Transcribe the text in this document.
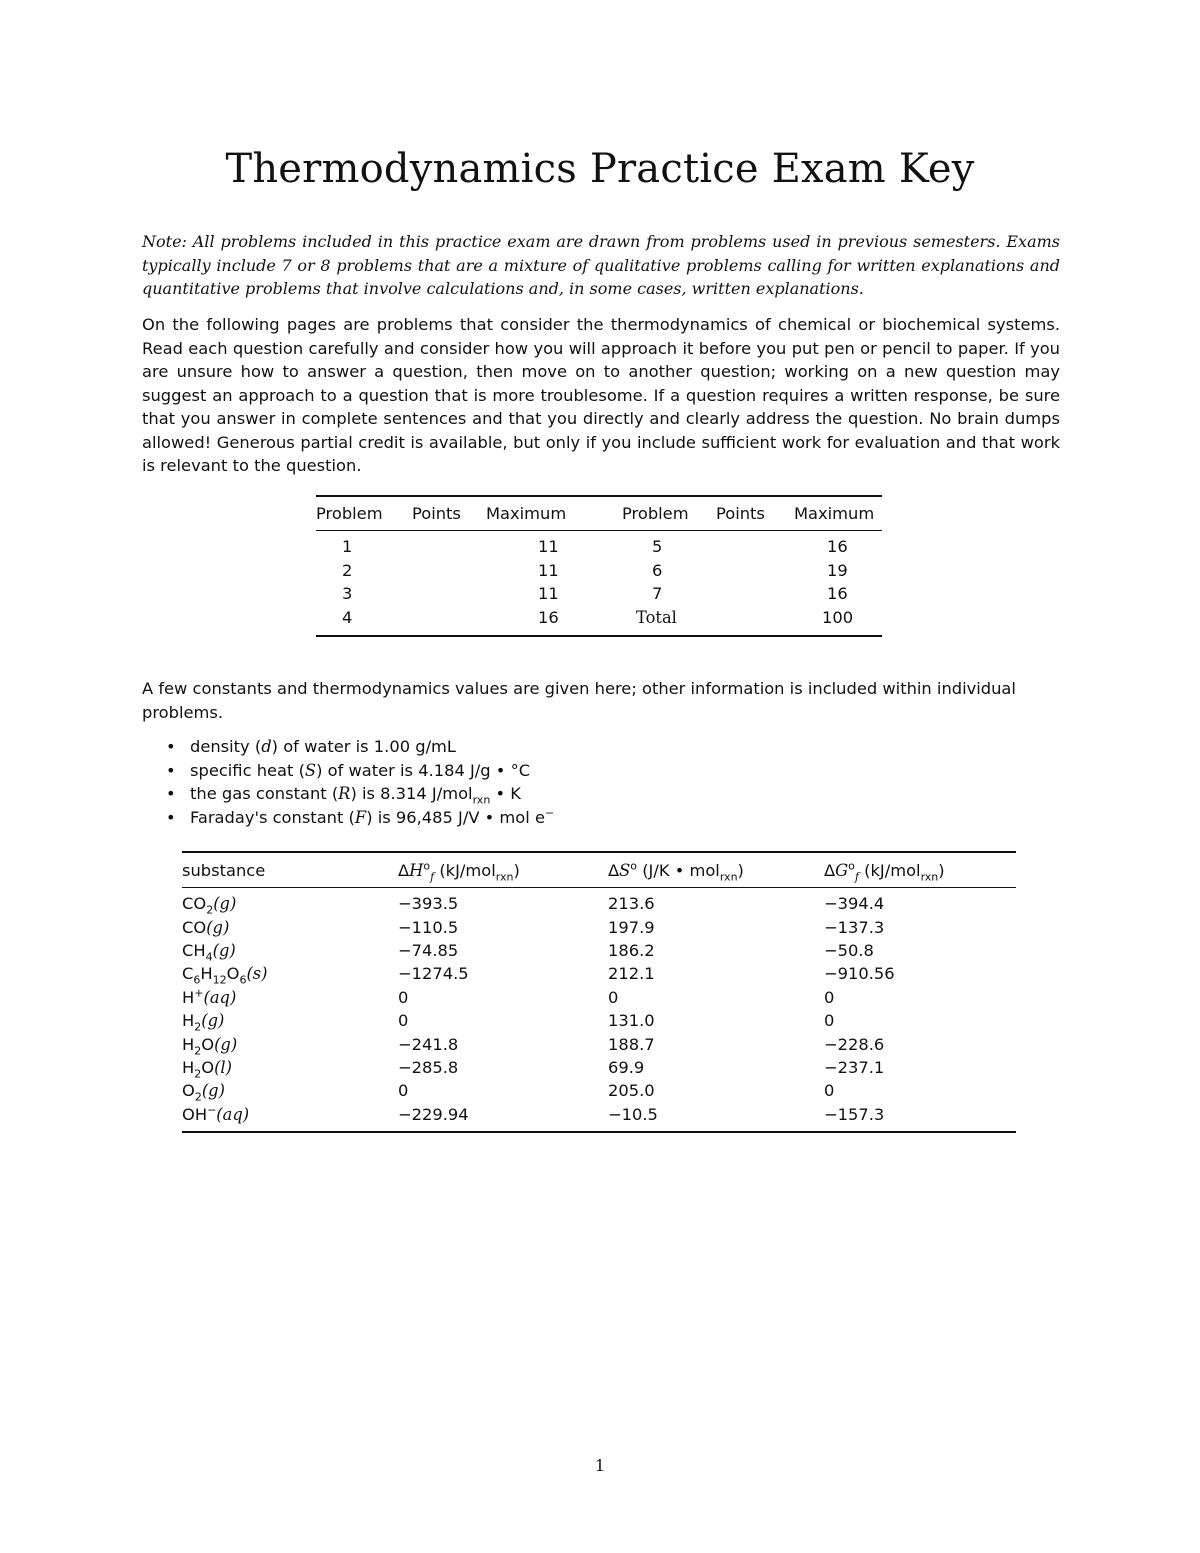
Thermodynamics Practice Exam Key

Note: All problems included in this practice exam are drawn from problems used in previous semesters. Exams typically include 7 or 8 problems that are a mixture of qualitative problems calling for written explanations and quantitative problems that involve calculations and, in some cases, written explanations.

On the following pages are problems that consider the thermodynamics of chemical or biochemical systems. Read each question carefully and consider how you will approach it before you put pen or pencil to paper. If you are unsure how to answer a question, then move on to another question; working on a new question may suggest an approach to a question that is more troublesome. If a question requires a written response, be sure that you answer in complete sentences and that you directly and clearly address the question. No brain dumps allowed! Generous partial credit is available, but only if you include sufficient work for evaluation and that work is relevant to the question.

Problem	Points	Maximum	Problem	Points	Maximum
1		11	5		16
2		11	6		19
3		11	7		16
4		16	Total		100

A few constants and thermodynamics values are given here; other information is included within individual problems.

• density (d) of water is 1.00 g/mL
• specific heat (S) of water is 4.184 J/g • °C
• the gas constant (R) is 8.314 J/mol$_{rxn}$ • K
• Faraday's constant (F) is 96,485 J/V • mol e−
substance	$\Delta H^o_f$ (kJ/mol$_{rxn}$)	$\Delta S^o$ (J/K • mol$_{rxn}$)	$\Delta G^o_f$ (kJ/mol$_{rxn}$)
$CO_2(g)$	−393.5	213.6	−394.4
CO(g)	−110.5	197.9	−137.3
$CH_4(g)$	−74.85	186.2	−50.8
$C_6H_{12}O_6(s)$	−1274.5	212.1	−910.56
H+(aq)	0	0	0
$H_2(g)$	0	131.0	0
$H_2O(g)$	−241.8	188.7	−228.6
$H_2O(l)$	−285.8	69.9	−237.1
$O_2(g)$	0	205.0	0
OH−(aq)	−229.94	−10.5	−157.3
1
